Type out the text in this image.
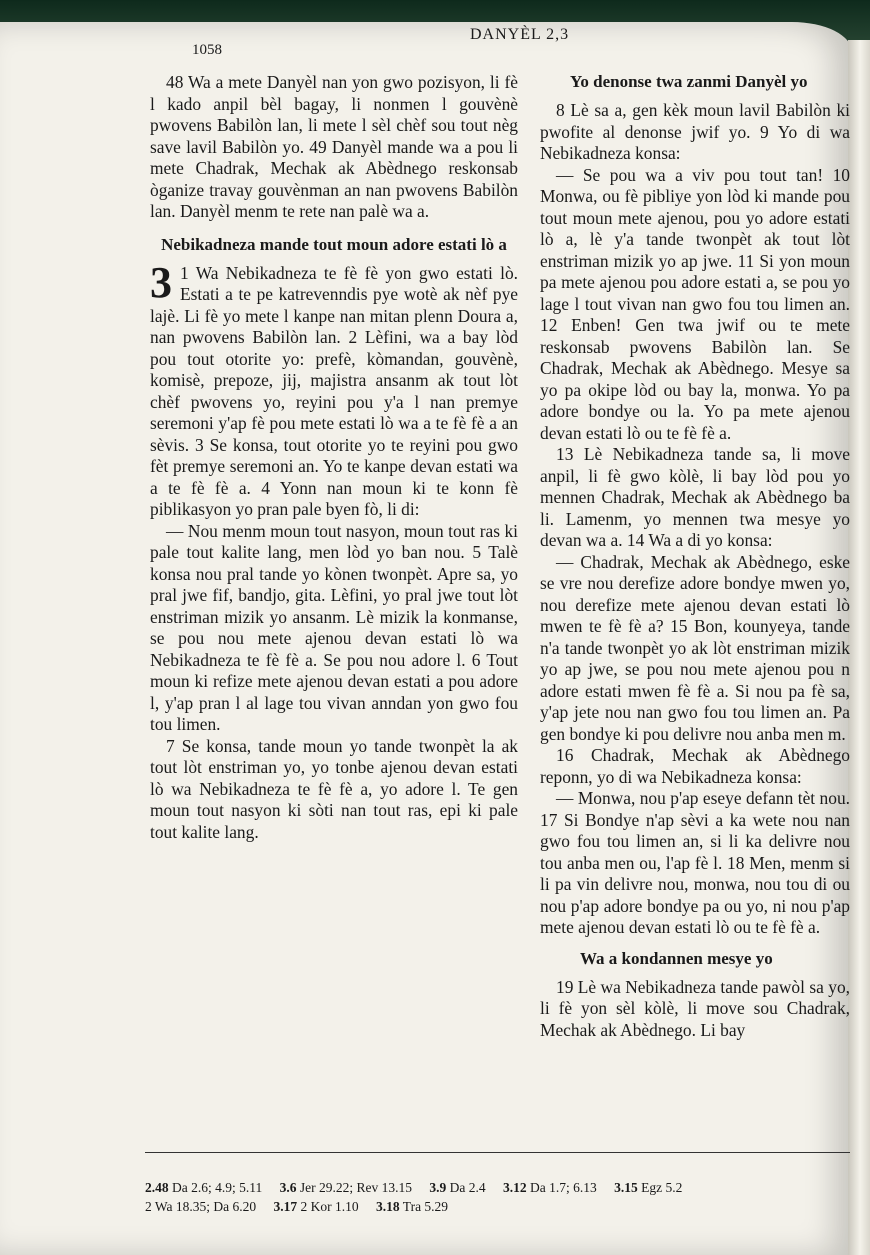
1058
DANYÈL 2,3

48 Wa a mete Danyèl nan yon gwo pozisyon, li fè l kado anpil bèl bagay, li nonmen l gouvènè pwovens Babilòn lan, li mete l sèl chèf sou tout nèg save lavil Babilòn yo. 49 Danyèl mande wa a pou li mete Chadrak, Mechak ak Abèdnego reskonsab òganize travay gouvènman an nan pwovens Babilòn lan. Danyèl menm te rete nan palè wa a.

Nebikadneza mande tout moun adore estati lò a

3 1 Wa Nebikadneza te fè fè yon gwo estati lò. Estati a te pe katrevenndis pye wotè ak nèf pye lajè. Li fè yo mete l kanpe nan mitan plenn Doura a, nan pwovens Babilòn lan. 2 Lèfini, wa a bay lòd pou tout otorite yo: prefè, kòmandan, gouvènè, komisè, prepoze, jij, majistra ansanm ak tout lòt chèf pwovens yo, reyini pou y'a l nan premye seremoni y'ap fè pou mete estati lò wa a te fè fè a an sèvis. 3 Se konsa, tout otorite yo te reyini pou gwo fèt premye seremoni an. Yo te kanpe devan estati wa a te fè fè a. 4 Yonn nan moun ki te konn fè piblikasyon yo pran pale byen fò, li di:

— Nou menm moun tout nasyon, moun tout ras ki pale tout kalite lang, men lòd yo ban nou. 5 Talè konsa nou pral tande yo kònen twonpèt. Apre sa, yo pral jwe fif, bandjo, gita. Lèfini, yo pral jwe tout lòt enstriman mizik yo ansanm. Lè mizik la konmanse, se pou nou mete ajenou devan estati lò wa Nebikadneza te fè fè a. Se pou nou adore l. 6 Tout moun ki refize mete ajenou devan estati a pou adore l, y'ap pran l al lage tou vivan anndan yon gwo fou tou limen.

7 Se konsa, tande moun yo tande twonpèt la ak tout lòt enstriman yo, yo tonbe ajenou devan estati lò wa Nebikadneza te fè fè a, yo adore l. Te gen moun tout nasyon ki sòti nan tout ras, epi ki pale tout kalite lang.

Yo denonse twa zanmi Danyèl yo

8 Lè sa a, gen kèk moun lavil Babilòn ki pwofite al denonse jwif yo. 9 Yo di wa Nebikadneza konsa:

— Se pou wa a viv pou tout tan! 10 Monwa, ou fè pibliye yon lòd ki mande pou tout moun mete ajenou, pou yo adore estati lò a, lè y'a tande twonpèt ak tout lòt enstriman mizik yo ap jwe. 11 Si yon moun pa mete ajenou pou adore estati a, se pou yo lage l tout vivan nan gwo fou tou limen an. 12 Enben! Gen twa jwif ou te mete reskonsab pwovens Babilòn lan. Se Chadrak, Mechak ak Abèdnego. Mesye sa yo pa okipe lòd ou bay la, monwa. Yo pa adore bondye ou la. Yo pa mete ajenou devan estati lò ou te fè fè a.

13 Lè Nebikadneza tande sa, li move anpil, li fè gwo kòlè, li bay lòd pou yo mennen Chadrak, Mechak ak Abèdnego ba li. Lamenm, yo mennen twa mesye yo devan wa a. 14 Wa a di yo konsa:

— Chadrak, Mechak ak Abèdnego, eske se vre nou derefize adore bondye mwen yo, nou derefize mete ajenou devan estati lò mwen te fè fè a? 15 Bon, kounyeya, tande n'a tande twonpèt yo ak lòt enstriman mizik yo ap jwe, se pou nou mete ajenou pou n adore estati mwen fè fè a. Si nou pa fè sa, y'ap jete nou nan gwo fou tou limen an. Pa gen bondye ki pou delivre nou anba men m.

16 Chadrak, Mechak ak Abèdnego reponn, yo di wa Nebikadneza konsa:

— Monwa, nou p'ap eseye defann tèt nou. 17 Si Bondye n'ap sèvi a ka wete nou nan gwo fou tou limen an, si li ka delivre nou tou anba men ou, l'ap fè l. 18 Men, menm si li pa vin delivre nou, monwa, nou tou di ou nou p'ap adore bondye pa ou yo, ni nou p'ap mete ajenou devan estati lò ou te fè fè a.

Wa a kondannen mesye yo

19 Lè wa Nebikadneza tande pawòl sa yo, li fè yon sèl kòlè, li move sou Chadrak, Mechak ak Abèdnego. Li bay

2.48 Da 2.6; 4.9; 5.11 3.6 Jer 29.22; Rev 13.15 3.9 Da 2.4 3.12 Da 1.7; 6.13 3.15 Egz 5.2
2 Wa 18.35; Da 6.20 3.17 2 Kor 1.10 3.18 Tra 5.29
